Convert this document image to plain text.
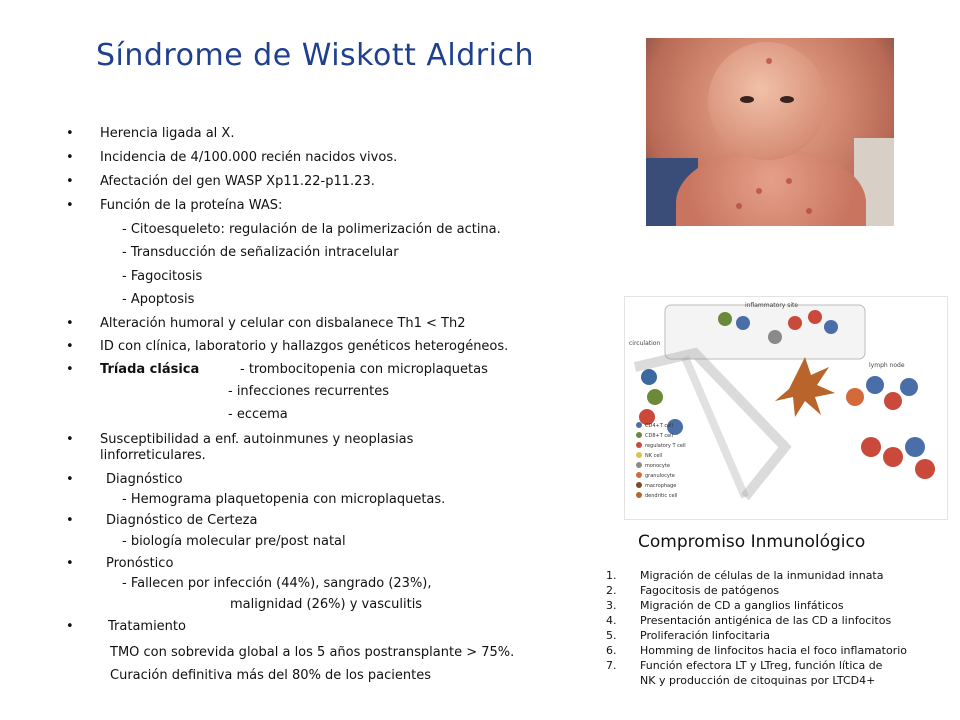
Síndrome de Wiskott Aldrich
• Herencia ligada al X.
• Incidencia de 4/100.000 recién nacidos vivos.
• Afectación del gen WASP Xp11.22-p11.23.
• Función de la proteína WAS:
- Citoesqueleto: regulación de la polimerización de actina.
- Transducción de señalización intracelular
- Fagocitosis
- Apoptosis
• Alteración humoral y celular con disbalanece Th1 < Th2
• ID con clínica, laboratorio y hallazgos genéticos heterogéneos.
• Tríada clásica	- trombocitopenia con microplaquetas
- infecciones recurrentes
- eccema
• Susceptibilidad a enf. autoinmunes y neoplasias
linforreticulares.
• Diagnóstico
- Hemograma plaquetopenia con microplaquetas.
• Diagnóstico de Certeza
- biología molecular pre/post natal
• Pronóstico
- Fallecen por infección (44%), sangrado (23%),
malignidad (26%) y vasculitis
•	Tratamiento
TMO con sobrevida global a los 5 años postransplante > 75%.
Curación definitiva más del 80% de los pacientes
inflammatory site
circulation
lymph node
CD4+T cell
CD8+T cell
regulatory T cell
NK cell
monocyte
granulocyte
macrophage
dendritic cell
Compromiso Inmunológico
1. Migración de células de la inmunidad innata
2. Fagocitosis de patógenos
3. Migración de CD a ganglios linfáticos
4. Presentación antigénica de las CD a linfocitos
5. Proliferación linfocitaria
6. Homming de linfocitos hacia el foco inflamatorio
7. Función efectora LT y LTreg, función lítica de
NK y producción de citoquinas por LTCD4+
